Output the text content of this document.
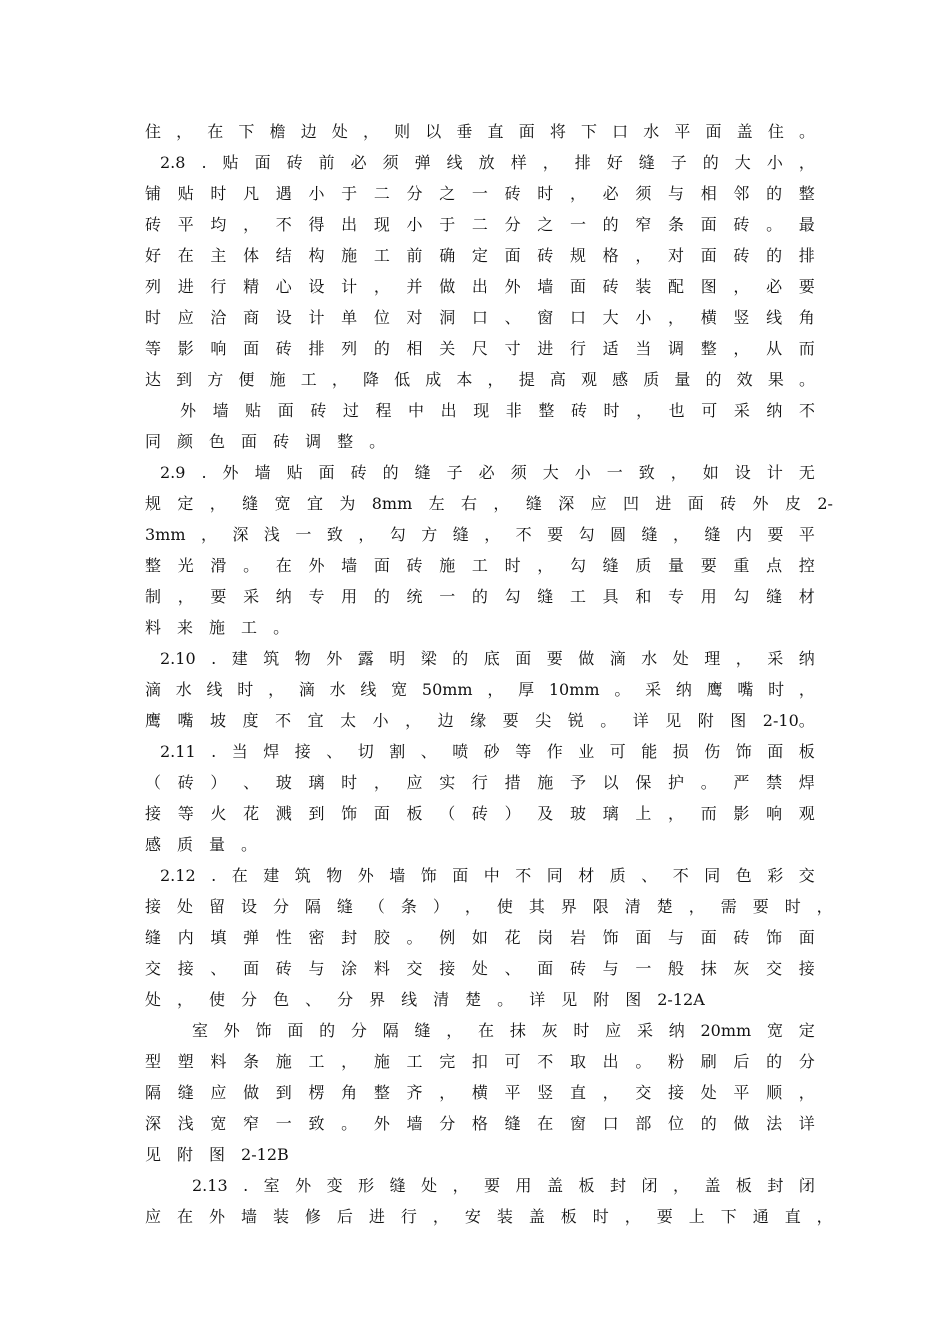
住 ， 在 下 檐 边 处 ， 则 以 垂 直 面 将 下 口 水 平 面 盖 住 。
2.8 . 贴 面 砖 前 必 须 弹 线 放 样 ， 排 好 缝 子 的 大 小 ，
铺 贴 时 凡 遇 小 于 二 分 之 一 砖 时 ， 必 须 与 相 邻 的 整
砖 平 均 ， 不 得 出 现 小 于 二 分 之 一 的 窄 条 面 砖 。 最
好 在 主 体 结 构 施 工 前 确 定 面 砖 规 格 ， 对 面 砖 的 排
列 进 行 精 心 设 计 ， 并 做 出 外 墙 面 砖 装 配 图 ， 必 要
时 应 洽 商 设 计 单 位 对 洞 口 、 窗 口 大 小 ， 横 竖 线 角
等 影 响 面 砖 排 列 的 相 关 尺 寸 进 行 适 当 调 整 ， 从 而
达 到 方 便 施 工 ， 降 低 成 本 ， 提 高 观 感 质 量 的 效 果 。
外 墙 贴 面 砖 过 程 中 出 现 非 整 砖 时 ， 也 可 采 纳 不
同 颜 色 面 砖 调 整 。
2.9 . 外 墙 贴 面 砖 的 缝 子 必 须 大 小 一 致 ， 如 设 计 无
规 定 ， 缝 宽 宜 为 8mm 左 右 ， 缝 深 应 凹 进 面 砖 外 皮 2-
3mm ， 深 浅 一 致 ， 勾 方 缝 ， 不 要 勾 圆 缝 ， 缝 内 要 平
整 光 滑 。 在 外 墙 面 砖 施 工 时 ， 勾 缝 质 量 要 重 点 控
制 ， 要 采 纳 专 用 的 统 一 的 勾 缝 工 具 和 专 用 勾 缝 材
料 来 施 工 。
2.10 . 建 筑 物 外 露 明 梁 的 底 面 要 做 滴 水 处 理 ， 采 纳
滴 水 线 时 ， 滴 水 线 宽 50mm ， 厚 10mm 。 采 纳 鹰 嘴 时 ，
鹰 嘴 坡 度 不 宜 太 小 ， 边 缘 要 尖 锐 。 详 见 附 图 2-10。
2.11 . 当 焊 接 、 切 割 、 喷 砂 等 作 业 可 能 损 伤 饰 面 板
（ 砖 ） 、 玻 璃 时 ， 应 实 行 措 施 予 以 保 护 。 严 禁 焊
接 等 火 花 溅 到 饰 面 板 （ 砖 ） 及 玻 璃 上 ， 而 影 响 观
感 质 量 。
2.12 . 在 建 筑 物 外 墙 饰 面 中 不 同 材 质 、 不 同 色 彩 交
接 处 留 设 分 隔 缝 （ 条 ） ， 使 其 界 限 清 楚 ， 需 要 时 ，
缝 内 填 弹 性 密 封 胶 。 例 如 花 岗 岩 饰 面 与 面 砖 饰 面
交 接 、 面 砖 与 涂 料 交 接 处 、 面 砖 与 一 般 抹 灰 交 接
处 ， 使 分 色 、 分 界 线 清 楚 。 详 见 附 图 2-12A
室 外 饰 面 的 分 隔 缝 ， 在 抹 灰 时 应 采 纳 20mm 宽 定
型 塑 料 条 施 工 ， 施 工 完 扣 可 不 取 出 。 粉 刷 后 的 分
隔 缝 应 做 到 楞 角 整 齐 ， 横 平 竖 直 ， 交 接 处 平 顺 ，
深 浅 宽 窄 一 致 。 外 墙 分 格 缝 在 窗 口 部 位 的 做 法 详
见 附 图 2-12B
2.13 . 室 外 变 形 缝 处 ， 要 用 盖 板 封 闭 ， 盖 板 封 闭
应 在 外 墙 装 修 后 进 行 ， 安 装 盖 板 时 ， 要 上 下 通 直 ，
